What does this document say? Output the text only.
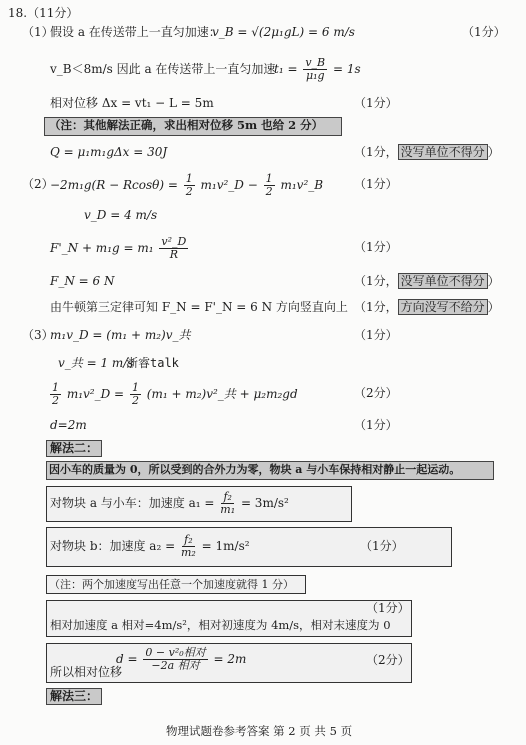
18.（11分）
（1）
假设 a 在传送带上一直匀加速：
v_B = √(2μ₁gL) = 6 m/s	（1分）
v_B＜8m/s 因此 a 在传送带上一直匀加速
$t_1 = \frac{v\_B}{\text{μ₁g}} = 1s$
相对位移 Δx = vt₁ − L = 5m	（1分）
（注：其他解法正确，求出相对位移 5m 也给 2 分）
Q = μ₁m₁gΔx = 30J	（1分， 没写单位不得分 ）
（2）
$-2m_1g(R - Rcos\theta) = \frac{1}{2}$ m₁v²_D − $\frac{1}{2}$ m₁v²_B	（1分）
v_D = 4 m/s
F'_N + $m_1g = m_1 \frac{\text{v²\_D}}{R}$	（1分）
F_N = 6 N	（1分， 没写单位不得分 ）
由牛顿第三定律可知 F_N = F'_N = 6 N 方向竖直向上 （1分， 方向没写不给分 ）
（3）
m₁v_D = (m₁ + m₂)v_共	（1分）
v_共 = 1 m/s
浙睿talk
$\frac{1}{2}$ m₁v²_D = $\frac{1}{2} (m_1$ + m₂)v²_共 + μ₂m₂gd	（2分）
d=2m	（1分）
解法二：
因小车的质量为 0，所以受到的合外力为零，物块 a 与小车保持相对静止一起运动。
对物块 a 与小车：加速度 $a_1 = \frac{\text{f₂}}{\text{m₁}} = 3m/s^2$
对物块 b：加速度 $a_2 = \frac{\text{f₂}}{\text{m₂}} = 1m/s^2$	（1分）
（注：两个加速度写出任意一个加速度就得 1 分）
（1分）
相对加速度 a 相对=4m/s²，相对初速度为 4m/s，相对末速度为 0
$d = \frac{\text{0 − v²₀相对}}{\text{−2a 相对}} = 2m$	（2分）
所以相对位移
解法三：
物理试题卷参考答案 第 2 页 共 5 页
